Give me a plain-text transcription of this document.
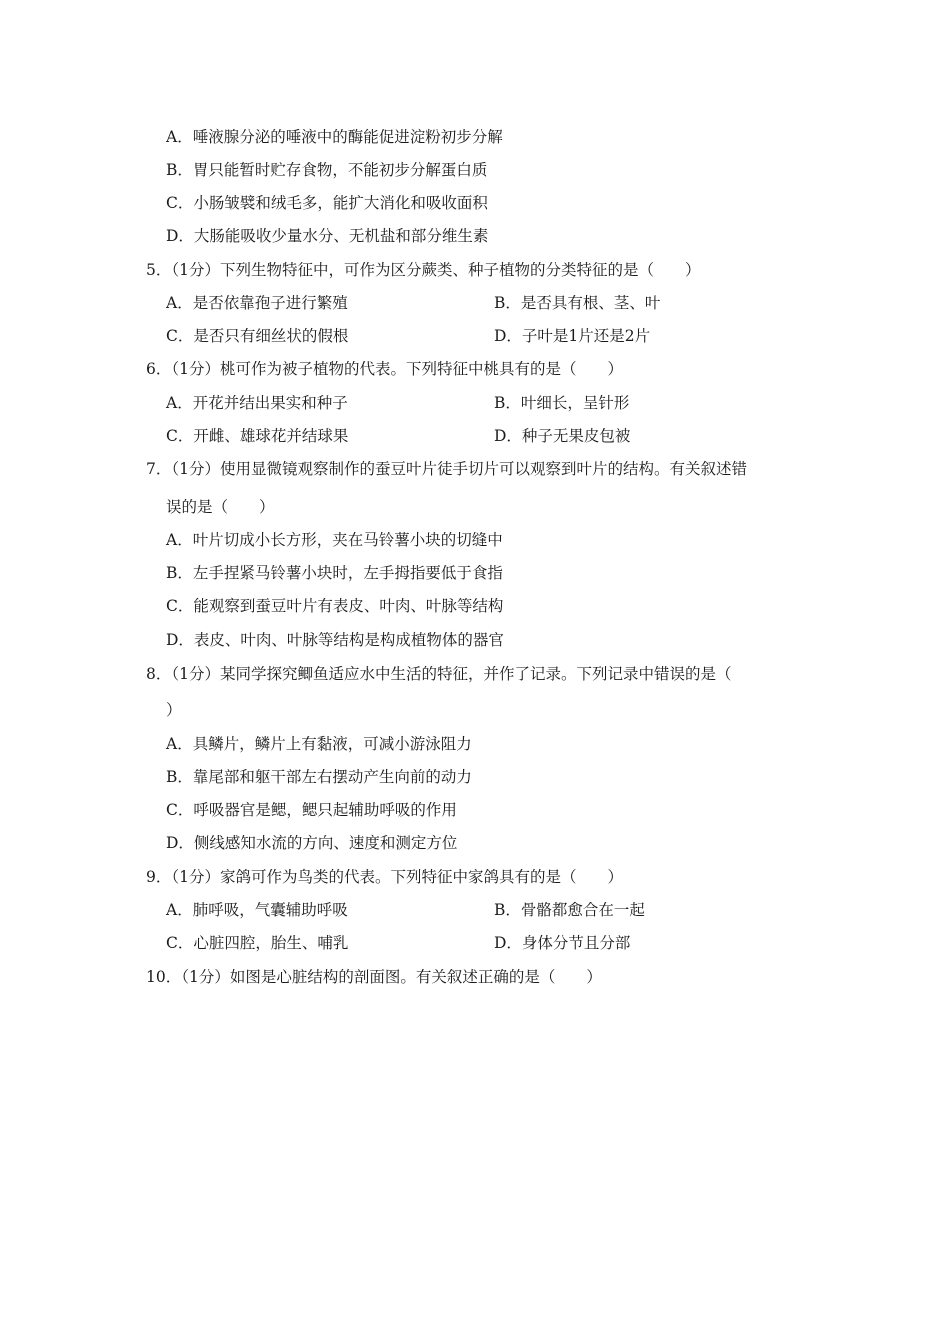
A．唾液腺分泌的唾液中的酶能促进淀粉初步分解
B．胃只能暂时贮存食物，不能初步分解蛋白质
C．小肠皱襞和绒毛多，能扩大消化和吸收面积
D．大肠能吸收少量水分、无机盐和部分维生素
5．（1分）下列生物特征中，可作为区分蕨类、种子植物的分类特征的是（　　）
A．是否依靠孢子进行繁殖	B．是否具有根、茎、叶
C．是否只有细丝状的假根	D．子叶是1片还是2片
6．（1分）桃可作为被子植物的代表。下列特征中桃具有的是（　　）
A．开花并结出果实和种子	B．叶细长，呈针形
C．开雌、雄球花并结球果	D．种子无果皮包被
7．（1分）使用显微镜观察制作的蚕豆叶片徒手切片可以观察到叶片的结构。有关叙述错
误的是（　　）
A．叶片切成小长方形，夹在马铃薯小块的切缝中
B．左手捏紧马铃薯小块时，左手拇指要低于食指
C．能观察到蚕豆叶片有表皮、叶肉、叶脉等结构
D．表皮、叶肉、叶脉等结构是构成植物体的器官
8．（1分）某同学探究鲫鱼适应水中生活的特征，并作了记录。下列记录中错误的是（
）
A．具鳞片，鳞片上有黏液，可减小游泳阻力
B．靠尾部和躯干部左右摆动产生向前的动力
C．呼吸器官是鳃，鳃只起辅助呼吸的作用
D．侧线感知水流的方向、速度和测定方位
9．（1分）家鸽可作为鸟类的代表。下列特征中家鸽具有的是（　　）
A．肺呼吸，气囊辅助呼吸	B．骨骼都愈合在一起
C．心脏四腔，胎生、哺乳	D．身体分节且分部
10．（1分）如图是心脏结构的剖面图。有关叙述正确的是（　　）
